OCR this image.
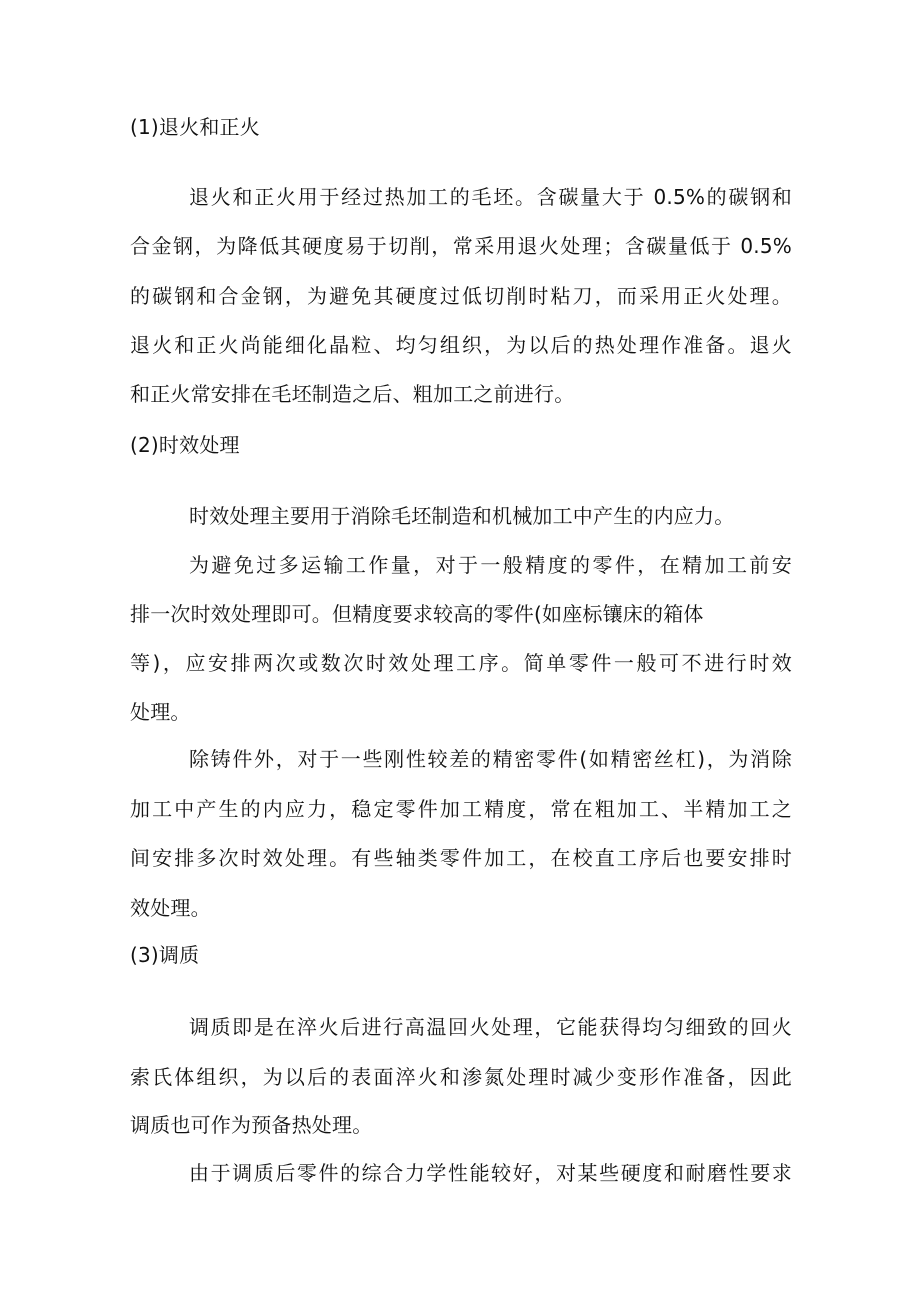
(1)退火和正火
退火和正火用于经过热加工的毛坯。含碳量大于 0.5%的碳钢和
合金钢，为降低其硬度易于切削，常采用退火处理；含碳量低于 0.5%
的碳钢和合金钢，为避免其硬度过低切削时粘刀，而采用正火处理。
退火和正火尚能细化晶粒、均匀组织，为以后的热处理作准备。退火
和正火常安排在毛坯制造之后、粗加工之前进行。
(2)时效处理
时效处理主要用于消除毛坯制造和机械加工中产生的内应力。
为避免过多运输工作量，对于一般精度的零件，在精加工前安
排一次时效处理即可。但精度要求较高的零件(如座标镶床的箱体
等)，应安排两次或数次时效处理工序。简单零件一般可不进行时效
处理。
除铸件外，对于一些刚性较差的精密零件(如精密丝杠)，为消除
加工中产生的内应力，稳定零件加工精度，常在粗加工、半精加工之
间安排多次时效处理。有些轴类零件加工，在校直工序后也要安排时
效处理。
(3)调质
调质即是在淬火后进行高温回火处理，它能获得均匀细致的回火
索氏体组织，为以后的表面淬火和渗氮处理时减少变形作准备，因此
调质也可作为预备热处理。
由于调质后零件的综合力学性能较好，对某些硬度和耐磨性要求
